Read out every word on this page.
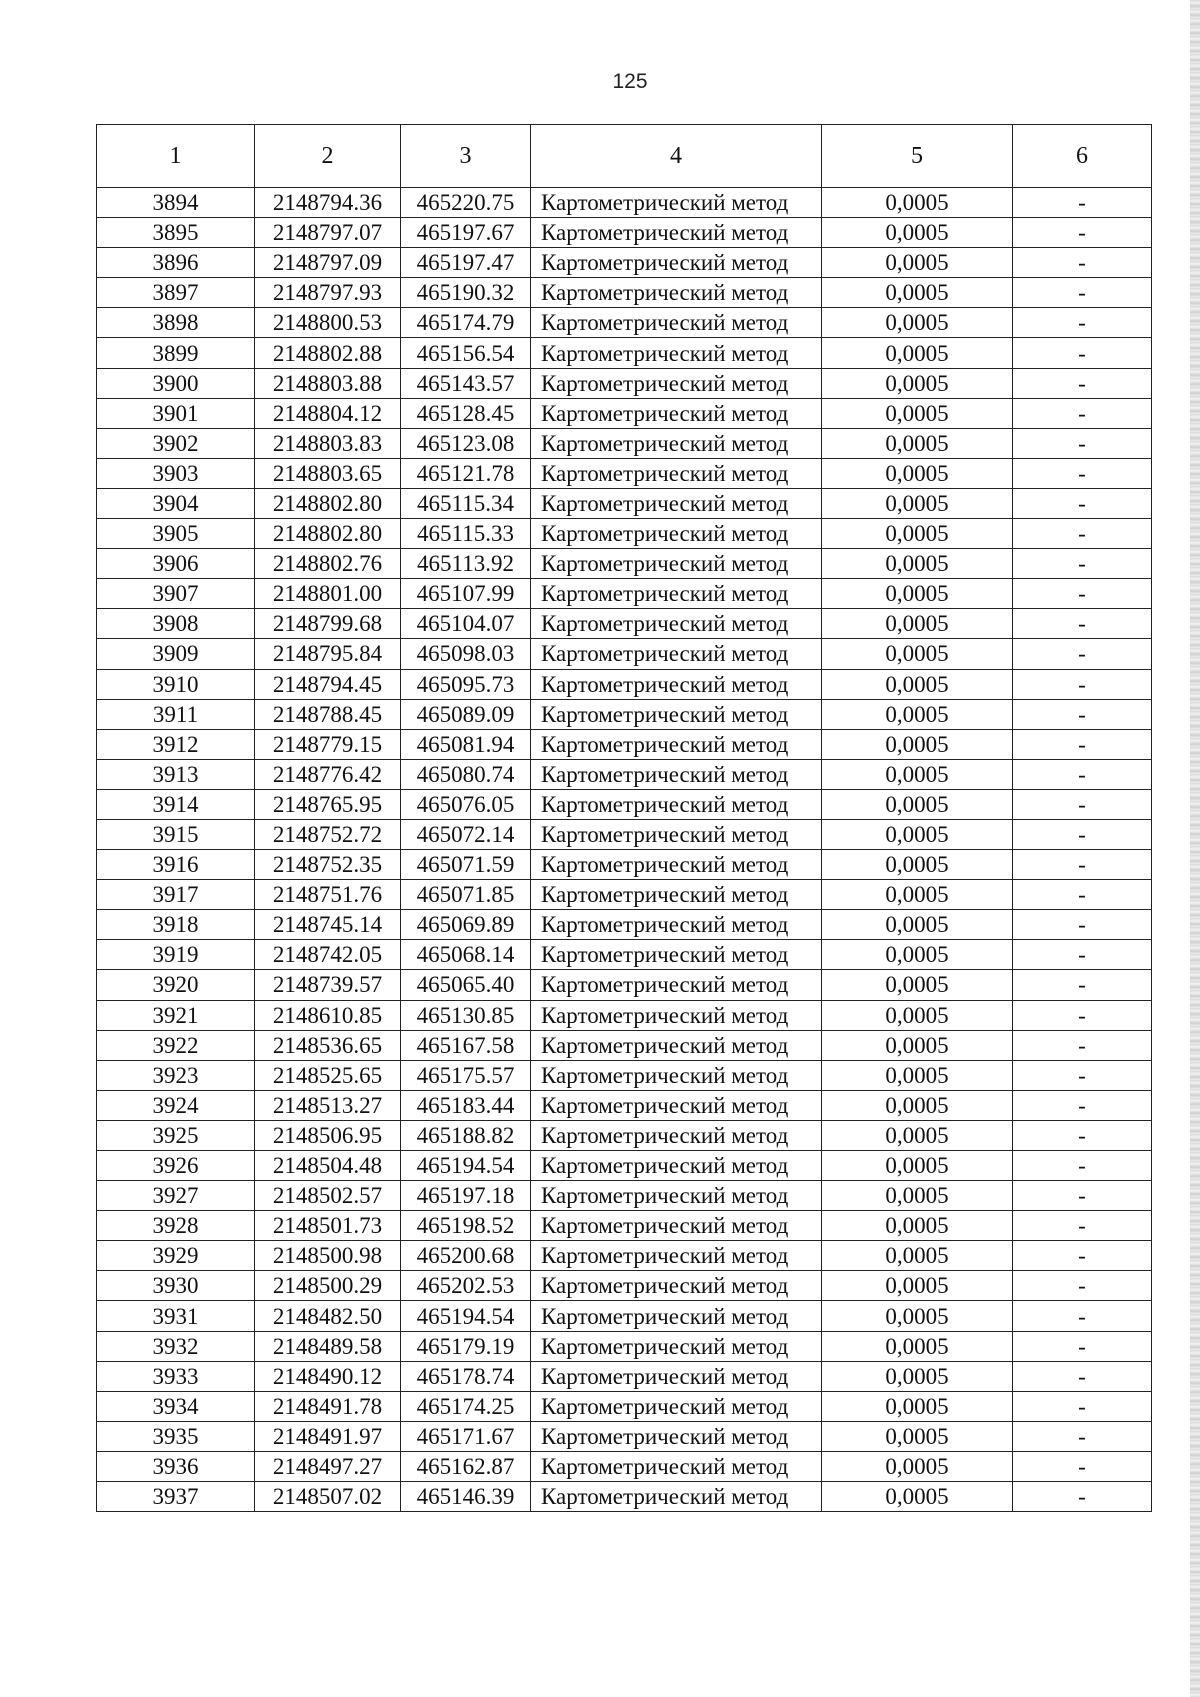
125
1	2	3	4	5	6
3894	2148794.36	465220.75	Картометрический метод	0,0005	-
3895	2148797.07	465197.67	Картометрический метод	0,0005	-
3896	2148797.09	465197.47	Картометрический метод	0,0005	-
3897	2148797.93	465190.32	Картометрический метод	0,0005	-
3898	2148800.53	465174.79	Картометрический метод	0,0005	-
3899	2148802.88	465156.54	Картометрический метод	0,0005	-
3900	2148803.88	465143.57	Картометрический метод	0,0005	-
3901	2148804.12	465128.45	Картометрический метод	0,0005	-
3902	2148803.83	465123.08	Картометрический метод	0,0005	-
3903	2148803.65	465121.78	Картометрический метод	0,0005	-
3904	2148802.80	465115.34	Картометрический метод	0,0005	-
3905	2148802.80	465115.33	Картометрический метод	0,0005	-
3906	2148802.76	465113.92	Картометрический метод	0,0005	-
3907	2148801.00	465107.99	Картометрический метод	0,0005	-
3908	2148799.68	465104.07	Картометрический метод	0,0005	-
3909	2148795.84	465098.03	Картометрический метод	0,0005	-
3910	2148794.45	465095.73	Картометрический метод	0,0005	-
3911	2148788.45	465089.09	Картометрический метод	0,0005	-
3912	2148779.15	465081.94	Картометрический метод	0,0005	-
3913	2148776.42	465080.74	Картометрический метод	0,0005	-
3914	2148765.95	465076.05	Картометрический метод	0,0005	-
3915	2148752.72	465072.14	Картометрический метод	0,0005	-
3916	2148752.35	465071.59	Картометрический метод	0,0005	-
3917	2148751.76	465071.85	Картометрический метод	0,0005	-
3918	2148745.14	465069.89	Картометрический метод	0,0005	-
3919	2148742.05	465068.14	Картометрический метод	0,0005	-
3920	2148739.57	465065.40	Картометрический метод	0,0005	-
3921	2148610.85	465130.85	Картометрический метод	0,0005	-
3922	2148536.65	465167.58	Картометрический метод	0,0005	-
3923	2148525.65	465175.57	Картометрический метод	0,0005	-
3924	2148513.27	465183.44	Картометрический метод	0,0005	-
3925	2148506.95	465188.82	Картометрический метод	0,0005	-
3926	2148504.48	465194.54	Картометрический метод	0,0005	-
3927	2148502.57	465197.18	Картометрический метод	0,0005	-
3928	2148501.73	465198.52	Картометрический метод	0,0005	-
3929	2148500.98	465200.68	Картометрический метод	0,0005	-
3930	2148500.29	465202.53	Картометрический метод	0,0005	-
3931	2148482.50	465194.54	Картометрический метод	0,0005	-
3932	2148489.58	465179.19	Картометрический метод	0,0005	-
3933	2148490.12	465178.74	Картометрический метод	0,0005	-
3934	2148491.78	465174.25	Картометрический метод	0,0005	-
3935	2148491.97	465171.67	Картометрический метод	0,0005	-
3936	2148497.27	465162.87	Картометрический метод	0,0005	-
3937	2148507.02	465146.39	Картометрический метод	0,0005	-
